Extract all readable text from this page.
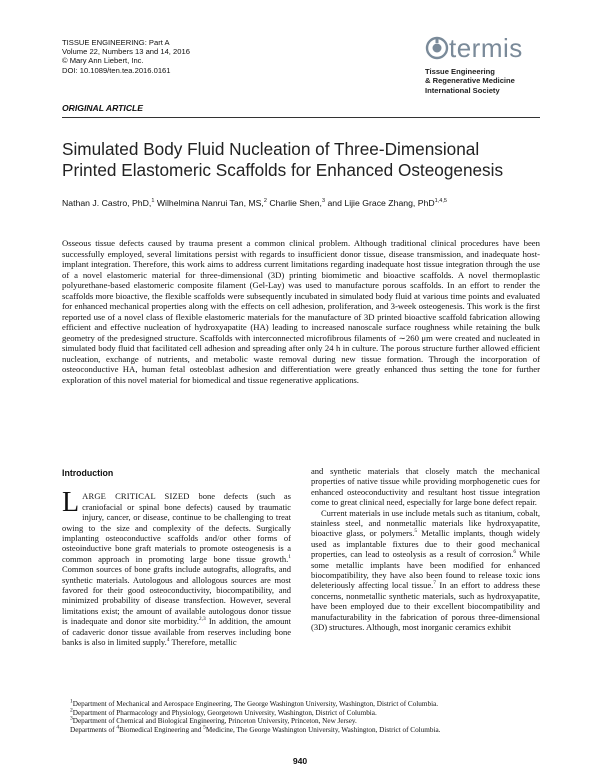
TISSUE ENGINEERING: Part A
Volume 22, Numbers 13 and 14, 2016
© Mary Ann Liebert, Inc.
DOI: 10.1089/ten.tea.2016.0161
termis
Tissue Engineering
& Regenerative Medicine
International Society
ORIGINAL ARTICLE
Simulated Body Fluid Nucleation of Three-Dimensional
Printed Elastomeric Scaffolds for Enhanced Osteogenesis
Nathan J. Castro, PhD,$^1$ Wilhelmina Nanrui Tan, MS,$^2$ Charlie Shen,$^3$ and Lijie Grace Zhang, PhD$^{1,4,5}$
Osseous tissue defects caused by trauma present a common clinical problem. Although traditional clinical procedures have been successfully employed, several limitations persist with regards to insufficient donor tissue, disease transmission, and inadequate host-implant integration. Therefore, this work aims to address current limitations regarding inadequate host tissue integration through the use of a novel elastomeric material for three-dimensional (3D) printing biomimetic and bioactive scaffolds. A novel thermoplastic polyurethane-based elastomeric composite filament (Gel-Lay) was used to manufacture porous scaffolds. In an effort to render the scaffolds more bioactive, the flexible scaffolds were subsequently incubated in simulated body fluid at various time points and evaluated for enhanced mechanical properties along with the effects on cell adhesion, proliferation, and 3-week osteogenesis. This work is the first reported use of a novel class of flexible elastomeric materials for the manufacture of 3D printed bioactive scaffold fabrication allowing efficient and effective nucleation of hydroxyapatite (HA) leading to increased nanoscale surface roughness while retaining the bulk geometry of the predesigned structure. Scaffolds with interconnected microfibrous filaments of ∼260 μm were created and nucleated in simulated body fluid that facilitated cell adhesion and spreading after only 24 h in culture. The porous structure further allowed efficient nucleation, exchange of nutrients, and metabolic waste removal during new tissue formation. Through the incorporation of osteoconductive HA, human fetal osteoblast adhesion and differentiation were greatly enhanced thus setting the tone for further exploration of this novel material for biomedical and tissue regenerative applications.
Introduction

LARGE CRITICAL SIZED bone defects (such as craniofacial or spinal bone defects) caused by traumatic injury, cancer, or disease, continue to be challenging to treat owing to the size and complexity of the defects. Surgically implanting osteoconductive scaffolds and/or other forms of osteoinductive bone graft materials to promote osteogenesis is a common approach in promoting large bone tissue growth.$^1$ Common sources of bone grafts include autografts, allografts, and synthetic materials. Autologous and allologous sources are most favored for their good osteoconductivity, biocompatibility, and minimized probability of disease transfection. However, several limitations exist; the amount of available autologous donor tissue is inadequate and donor site morbidity.$^{2,3}$ In addition, the amount of cadaveric donor tissue available from reserves including bone banks is also in limited supply.$^4$ Therefore, metallic

and synthetic materials that closely match the mechanical properties of native tissue while providing morphogenetic cues for enhanced osteoconductivity and resultant host tissue integration come to great clinical need, especially for large bone defect repair.

Current materials in use include metals such as titanium, cobalt, stainless steel, and nonmetallic materials like hydroxyapatite, bioactive glass, or polymers.$^5$ Metallic implants, though widely used as implantable fixtures due to their good mechanical properties, can lead to osteolysis as a result of corrosion.$^6$ While some metallic implants have been modified for enhanced biocompatibility, they have also been found to release toxic ions deleteriously affecting local tissue.$^7$ In an effort to address these concerns, nonmetallic synthetic materials, such as hydroxyapatite, have been employed due to their excellent biocompatibility and manufacturability in the fabrication of porous three-dimensional (3D) structures. Although, most inorganic ceramics exhibit

$^1$Department of Mechanical and Aerospace Engineering, The George Washington University, Washington, District of Columbia.
$^2$Department of Pharmacology and Physiology, Georgetown University, Washington, District of Columbia.
$^3$Department of Chemical and Biological Engineering, Princeton University, Princeton, New Jersey.
Departments of $^4$Biomedical Engineering and $^5$Medicine, The George Washington University, Washington, District of Columbia.
940
